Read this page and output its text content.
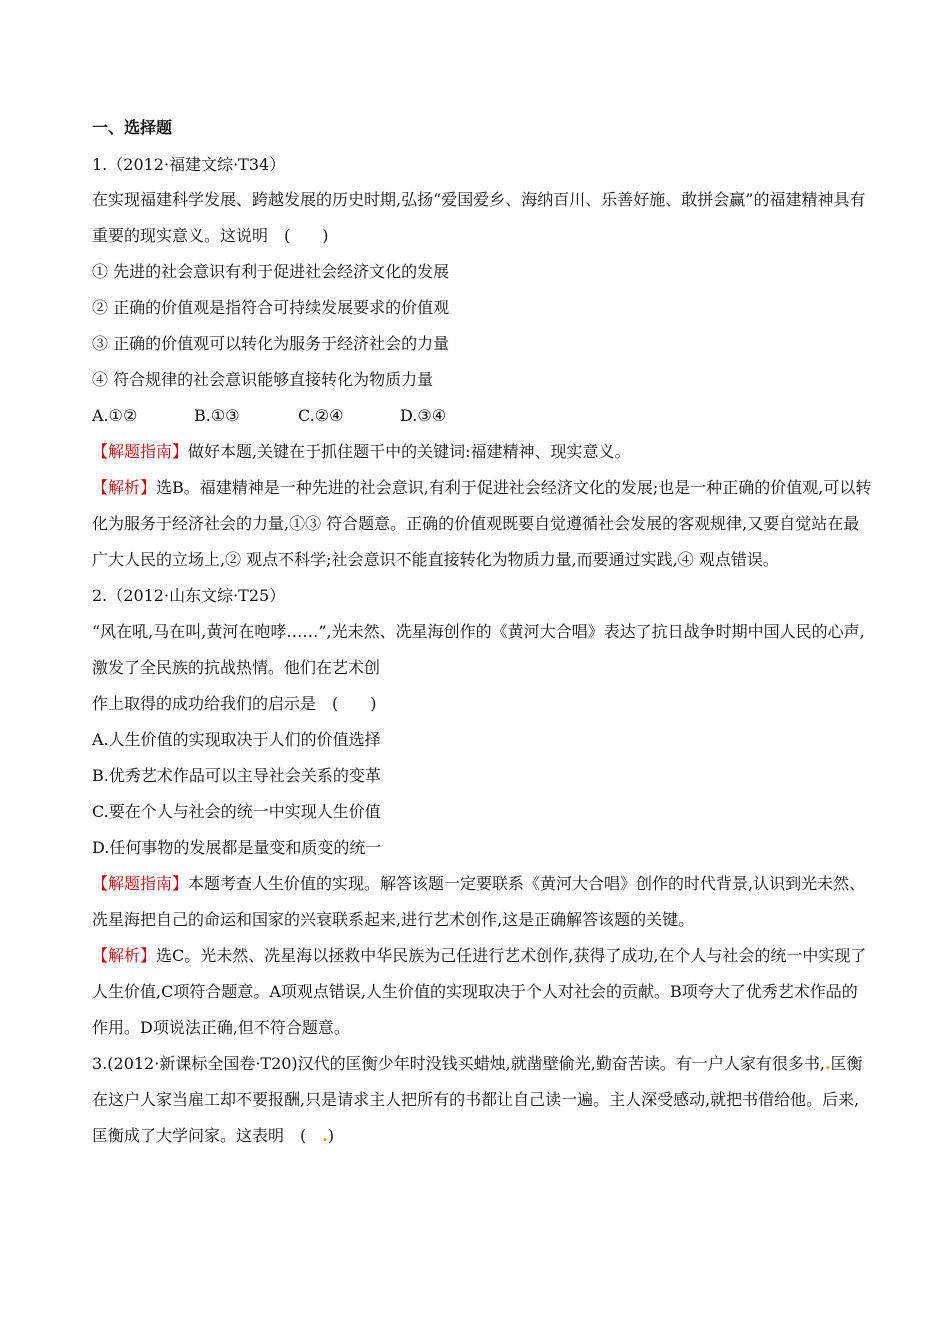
一、选择题

1.（2012·福建文综·T34）

在实现福建科学发展、跨越发展的历史时期,弘扬“爱国爱乡、海纳百川、乐善好施、敢拼会赢”的福建精神具有重要的现实意义。这说明　(　　)

① 先进的社会意识有利于促进社会经济文化的发展

② 正确的价值观是指符合可持续发展要求的价值观

③ 正确的价值观可以转化为服务于经济社会的力量

④ 符合规律的社会意识能够直接转化为物质力量

A.①②	B.①③	C.②④	D.③④

【解题指南】做好本题,关键在于抓住题干中的关键词:福建精神、现实意义。

【解析】选B。福建精神是一种先进的社会意识,有利于促进社会经济文化的发展;也是一种正确的价值观,可以转化为服务于经济社会的力量,①③ 符合题意。正确的价值观既要自觉遵循社会发展的客观规律,又要自觉站在最广大人民的立场上,② 观点不科学;社会意识不能直接转化为物质力量,而要通过实践,④ 观点错误。

2.（2012·山东文综·T25）

“风在吼,马在叫,黄河在咆哮……”,光未然、冼星海创作的《黄河大合唱》表达了抗日战争时期中国人民的心声,激发了全民族的抗战热情。他们在艺术创

作上取得的成功给我们的启示是　(　　)

A.人生价值的实现取决于人们的价值选择

B.优秀艺术作品可以主导社会关系的变革

C.要在个人与社会的统一中实现人生价值

D.任何事物的发展都是量变和质变的统一

【解题指南】本题考查人生价值的实现。解答该题一定要联系《黄河大合唱》创作的时代背景,认识到光未然、冼星海把自己的命运和国家的兴衰联系起来,进行艺术创作,这是正确解答该题的关键。

【解析】选C。光未然、冼星海以拯救中华民族为己任进行艺术创作,获得了成功,在个人与社会的统一中实现了人生价值,C项符合题意。A项观点错误,人生价值的实现取决于个人对社会的贡献。B项夸大了优秀艺术作品的作用。D项说法正确,但不符合题意。

3.(2012·新课标全国卷·T20)汉代的匡衡少年时没钱买蜡烛,就凿壁偷光,勤奋苦读。有一户人家有很多书,.匡衡在这户人家当雇工却不要报酬,只是请求主人把所有的书都让自己读一遍。主人深受感动,就把书借给他。后来,匡衡成了大学问家。这表明　(　.)
